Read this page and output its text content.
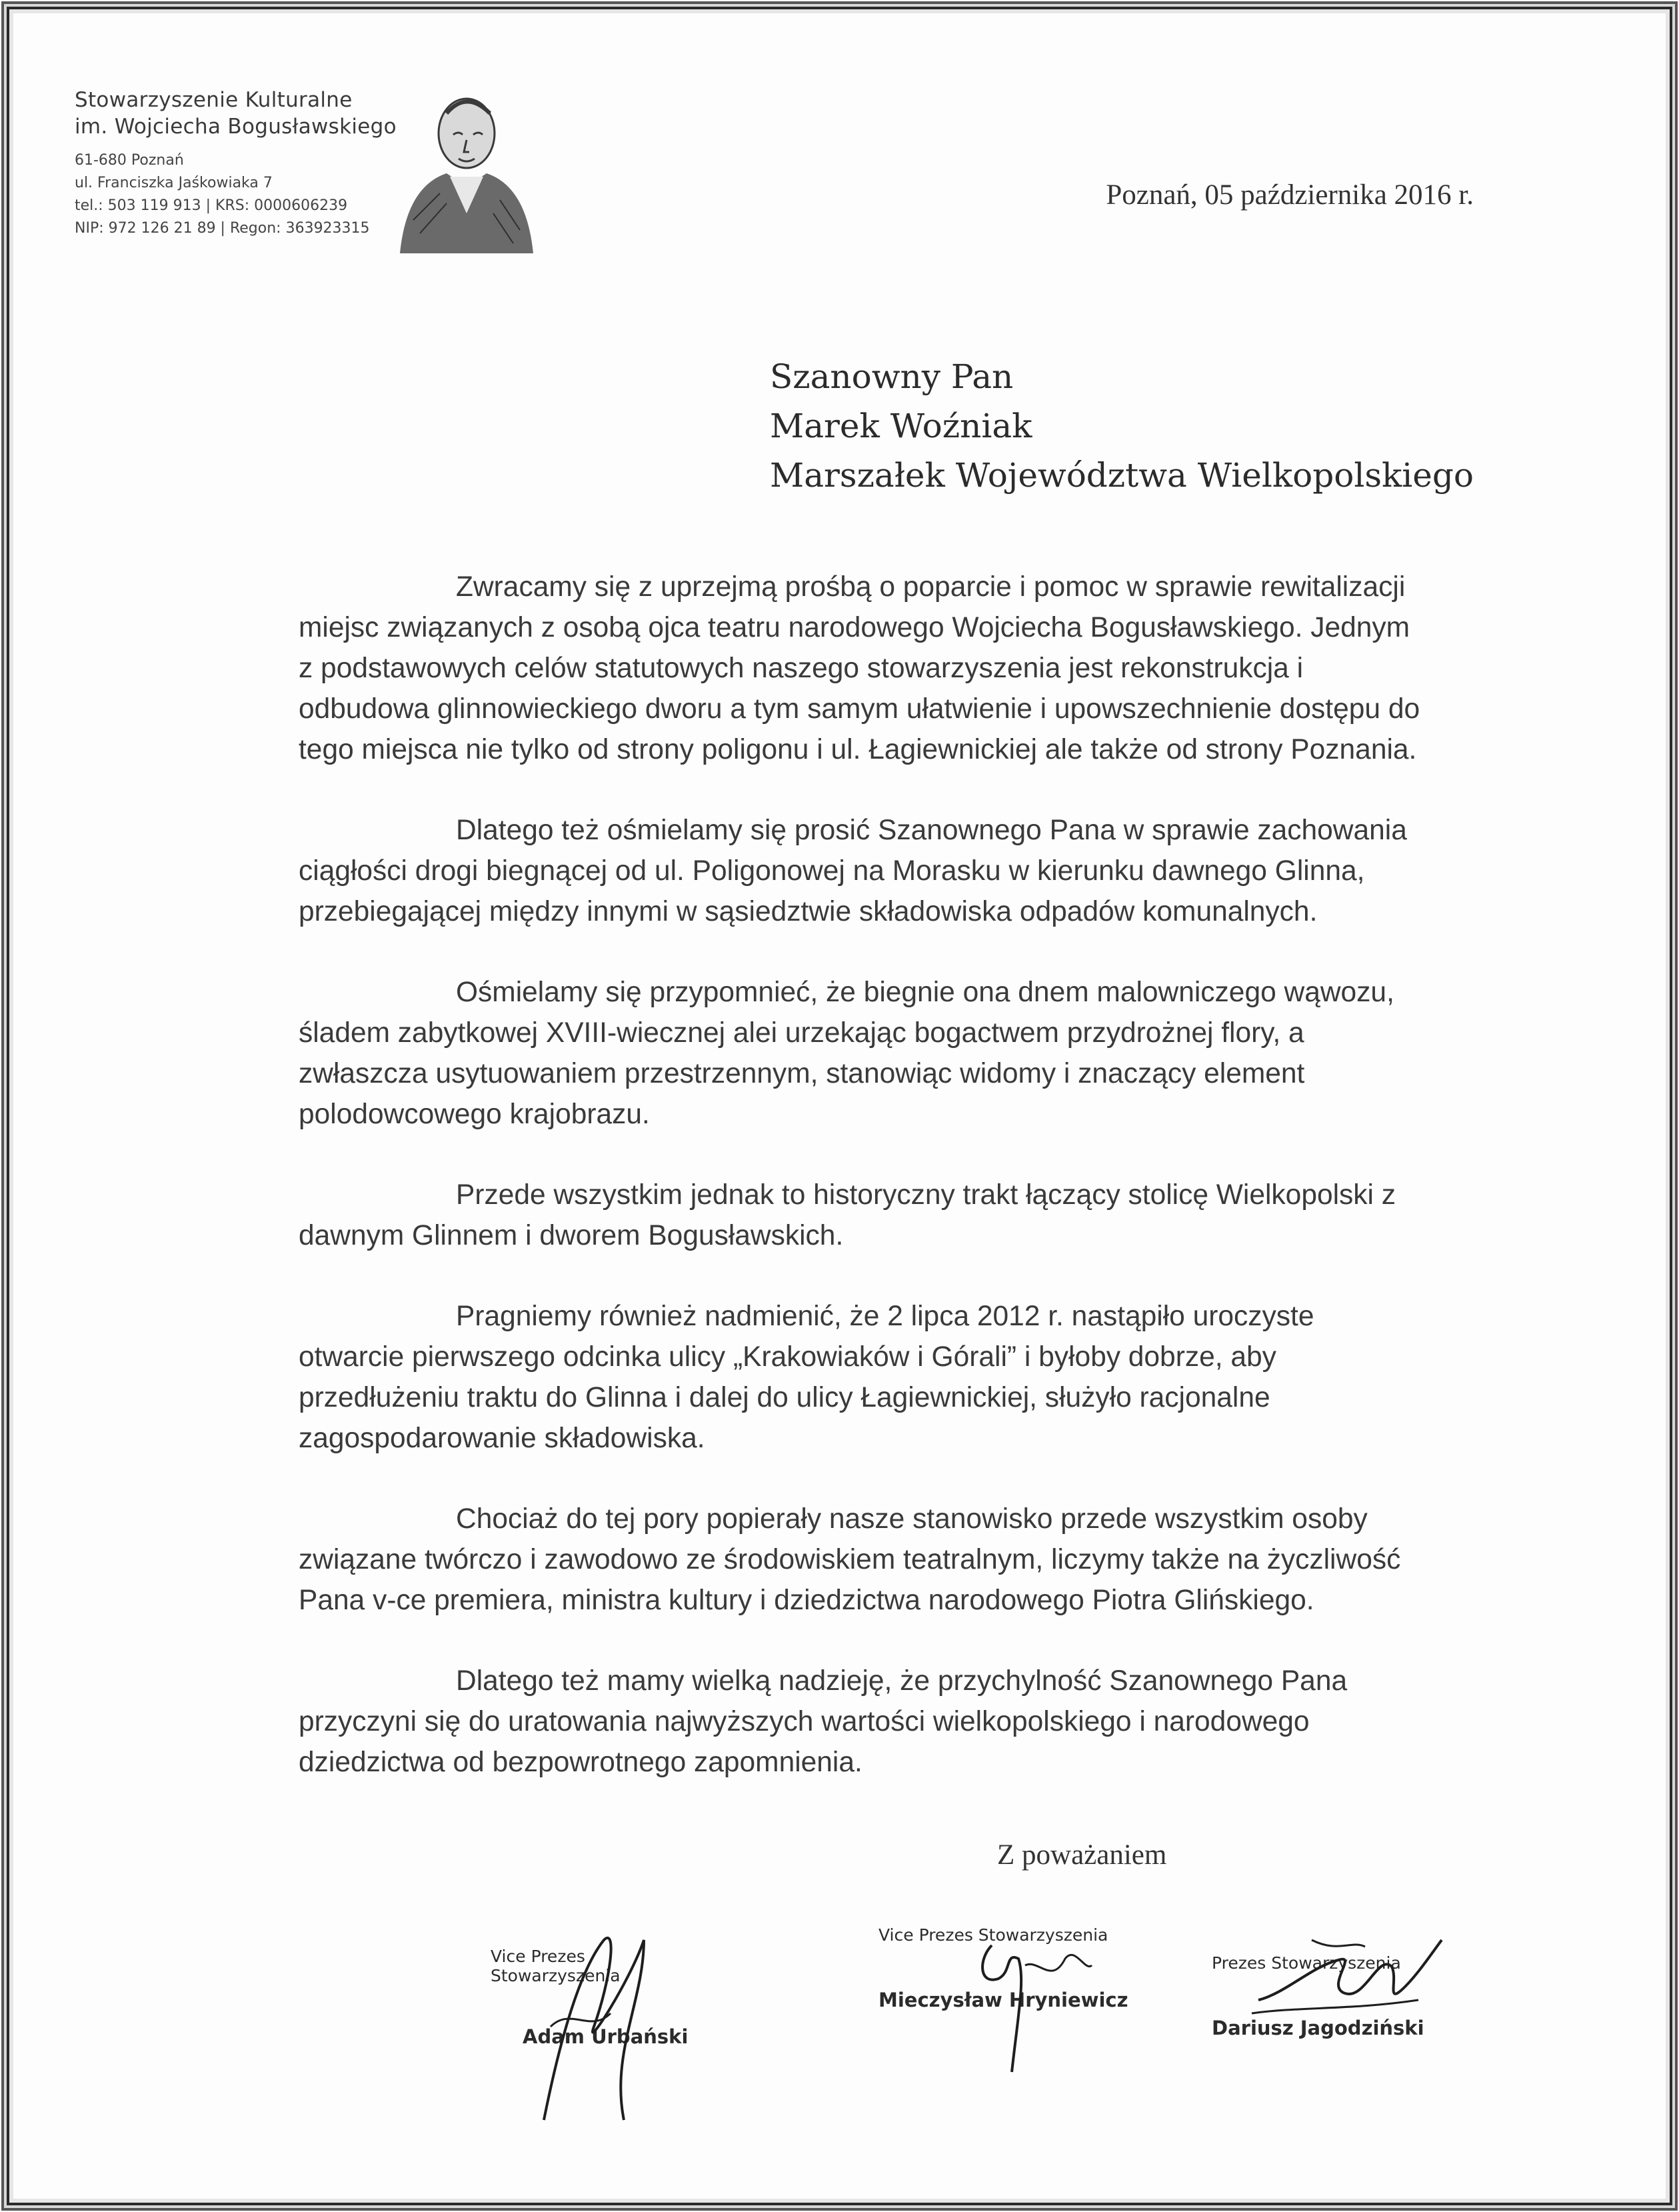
Stowarzyszenie Kulturalne
im. Wojciecha Bogusławskiego
61-680 Poznań
ul. Franciszka Jaśkowiaka 7
tel.: 503 119 913 | KRS: 0000606239
NIP: 972 126 21 89 | Regon: 363923315
Poznań, 05 października 2016 r.
Szanowny Pan
Marek Woźniak
Marszałek Województwa Wielkopolskiego

Zwracamy się z uprzejmą prośbą o poparcie i pomoc w sprawie rewitalizacji miejsc związanych z osobą ojca teatru narodowego Wojciecha Bogusławskiego. Jednym z podstawowych celów statutowych naszego stowarzyszenia jest rekonstrukcja i odbudowa glinnowieckiego dworu a tym samym ułatwienie i upowszechnienie dostępu do tego miejsca nie tylko od strony poligonu i ul. Łagiewnickiej ale także od strony Poznania.

Dlatego też ośmielamy się prosić Szanownego Pana w sprawie zachowania ciągłości drogi biegnącej od ul. Poligonowej na Morasku w kierunku dawnego Glinna, przebiegającej między innymi w sąsiedztwie składowiska odpadów komunalnych.

Ośmielamy się przypomnieć, że biegnie ona dnem malowniczego wąwozu, śladem zabytkowej XVIII-wiecznej alei urzekając bogactwem przydrożnej flory, a zwłaszcza usytuowaniem przestrzennym, stanowiąc widomy i znaczący element polodowcowego krajobrazu.

Przede wszystkim jednak to historyczny trakt łączący stolicę Wielkopolski z dawnym Glinnem i dworem Bogusławskich.

Pragniemy również nadmienić, że 2 lipca 2012 r. nastąpiło uroczyste otwarcie pierwszego odcinka ulicy „Krakowiaków i Górali” i byłoby dobrze, aby przedłużeniu traktu do Glinna i dalej do ulicy Łagiewnickiej, służyło racjonalne zagospodarowanie składowiska.

Chociaż do tej pory popierały nasze stanowisko przede wszystkim osoby związane twórczo i zawodowo ze środowiskiem teatralnym, liczymy także na życzliwość Pana v-ce premiera, ministra kultury i dziedzictwa narodowego Piotra Glińskiego.

Dlatego też mamy wielką nadzieję, że przychylność Szanownego Pana przyczyni się do uratowania najwyższych wartości wielkopolskiego i narodowego dziedzictwa od bezpowrotnego zapomnienia.

Z poważaniem
Vice Prezes Stowarzyszenia
Adam Urbański
Vice Prezes Stowarzyszenia
Mieczysław Hryniewicz
Prezes Stowarzyszenia
Dariusz Jagodziński
